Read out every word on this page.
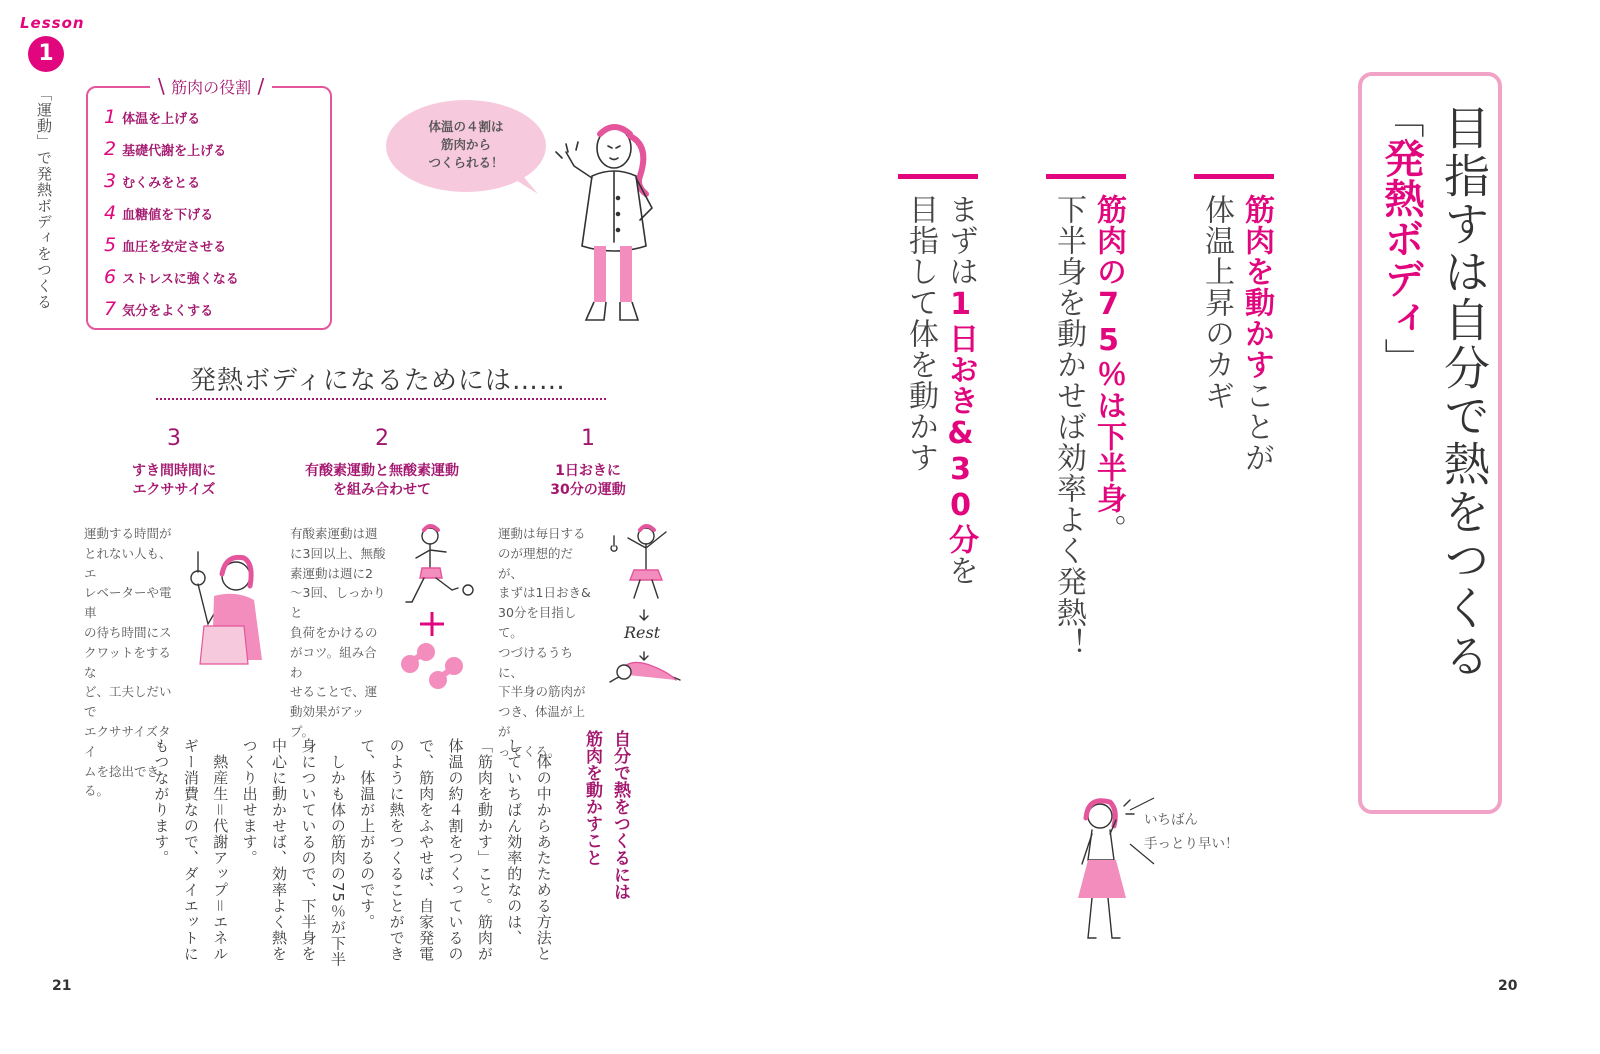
Lesson
1
「運動」で発熱ボディをつくる	\ 筋肉の役割 /
1 体温を上げる
2 基礎代謝を上げる
3 むくみをとる
4 血糖値を下げる
5 血圧を安定させる
6 ストレスに強くなる
7 気分をよくする
体温の４割は
筋肉から
つくられる！
発熱ボディになるためには……
1
1日おきに
30分の運動
2
有酸素運動と無酸素運動
を組み合わせて
3
すき間時間に
エクササイズ
運動は毎日する
のが理想的だが、
まずは1日おき&
30分を目指して。
つづけるうちに、
下半身の筋肉が
つき、体温が上が
ってくる。
Rest
有酸素運動は週
に3回以上、無酸
素運動は週に2
〜3回、しっかりと
負荷をかけるの
がコツ。組み合わ
せることで、運
動効果がアップ。
運動する時間が
とれない人も、エ
レベーターや電車
の待ち時間にス
クワットをするな
ど、工夫しだいで
エクササイズタイ
ムを捻出できる。	自分で熱をつくるには
筋肉を動かすこと
　体の中からあたためる方法としていちばん効率的なのは、「筋肉を動かす」こと。筋肉が体温の約４割をつくっているので、筋肉をふやせば、自家発電のように熱をつくることができて、体温が上がるのです。
　しかも体の筋肉の75％が下半身についているので、下半身を中心に動かせば、効率よく熱をつくり出せます。
　熱産生＝代謝アップ＝エネルギー消費なので、ダイエットにもつながります。
21
目指すは自分で熱をつくる
「発熱ボディ」
筋肉を動かすことが
体温上昇のカギ
筋肉の75％は下半身。
下半身を動かせば効率よく発熱！
まずは1日おき&30分を
目指して体を動かす
いちばん
手っとり早い！
20
